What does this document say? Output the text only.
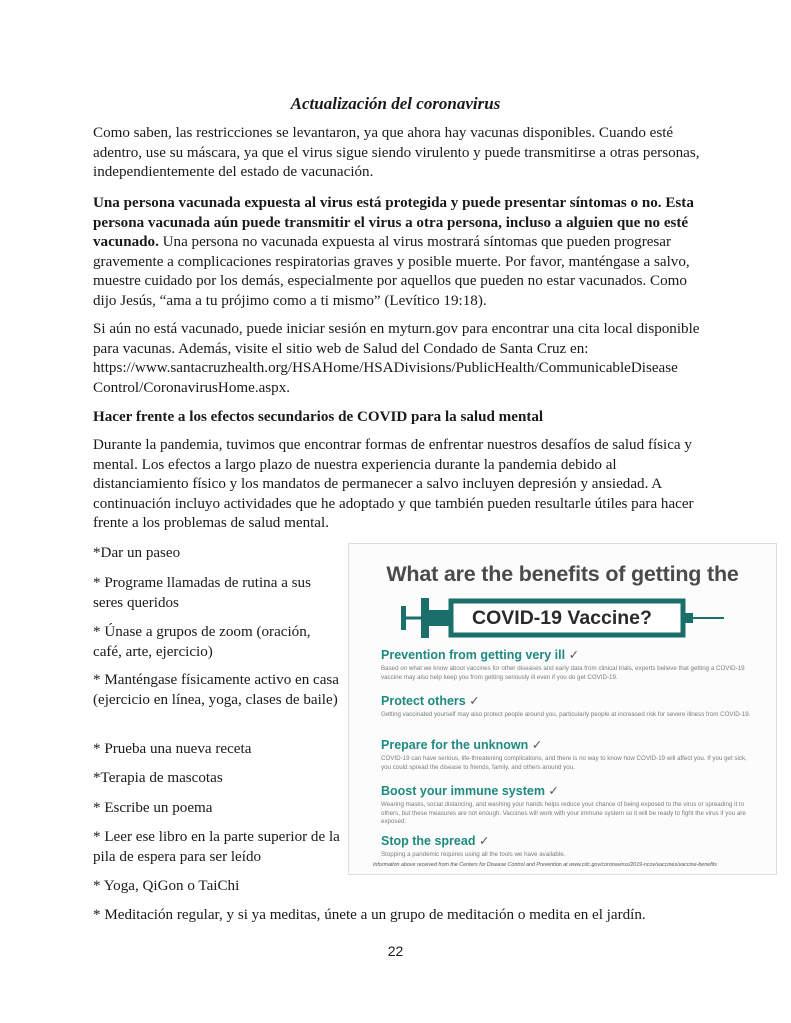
Actualización del coronavirus

Como saben, las restricciones se levantaron, ya que ahora hay vacunas disponibles. Cuando esté adentro, use su máscara, ya que el virus sigue siendo virulento y puede transmitirse a otras personas, independientemente del estado de vacunación.

Una persona vacunada expuesta al virus está protegida y puede presentar síntomas o no. Esta persona vacunada aún puede transmitir el virus a otra persona, incluso a alguien que no esté vacunado. Una persona no vacunada expuesta al virus mostrará síntomas que pueden progresar gravemente a complicaciones respiratorias graves y posible muerte. Por favor, manténgase a salvo, muestre cuidado por los demás, especialmente por aquellos que pueden no estar vacunados. Como dijo Jesús, “ama a tu prójimo como a ti mismo” (Levítico 19:18).

Si aún no está vacunado, puede iniciar sesión en myturn.gov para encontrar una cita local disponible para vacunas. Además, visite el sitio web de Salud del Condado de Santa Cruz en: https://www.santacruzhealth.org/HSAHome/HSADivisions/PublicHealth/CommunicableDisease Control/CoronavirusHome.aspx.

Hacer frente a los efectos secundarios de COVID para la salud mental

Durante la pandemia, tuvimos que encontrar formas de enfrentar nuestros desafíos de salud física y mental. Los efectos a largo plazo de nuestra experiencia durante la pandemia debido al distanciamiento físico y los mandatos de permanecer a salvo incluyen depresión y ansiedad. A continuación incluyo actividades que he adoptado y que también pueden resultarle útiles para hacer frente a los problemas de salud mental.

*Dar un paseo

* Programe llamadas de rutina a sus seres queridos

* Únase a grupos de zoom (oración, café, arte, ejercicio)

* Manténgase físicamente activo en casa (ejercicio en línea, yoga, clases de baile)

* Prueba una nueva receta

*Terapia de mascotas

* Escribe un poema

* Leer ese libro en la parte superior de la pila de espera para ser leído

* Yoga, QiGon o TaiChi

* Meditación regular, y si ya meditas, únete a un grupo de meditación o medita en el jardín.

What are the benefits of getting the
COVID-19 Vaccine?
Prevention from getting very ill ✓
Based on what we know about vaccines for other diseases and early data from clinical trials, experts believe that getting a COVID-19 vaccine may also help keep you from getting seriously ill even if you do get COVID-19.
Protect others ✓
Getting vaccinated yourself may also protect people around you, particularly people at increased risk for severe illness from COVID-19.
Prepare for the unknown ✓
COVID-19 can have serious, life-threatening complications, and there is no way to know how COVID-19 will affect you. If you get sick, you could spread the disease to friends, family, and others around you.
Boost your immune system ✓
Wearing masks, social distancing, and washing your hands helps reduce your chance of being exposed to the virus or spreading it to others, but these measures are not enough. Vaccines will work with your immune system so it will be ready to fight the virus if you are exposed.
Stop the spread ✓
Stopping a pandemic requires using all the tools we have available.
Information above received from the Centers for Disease Control and Prevention at www.cdc.gov/coronavirus/2019-ncov/vaccines/vaccine-benefits
22
